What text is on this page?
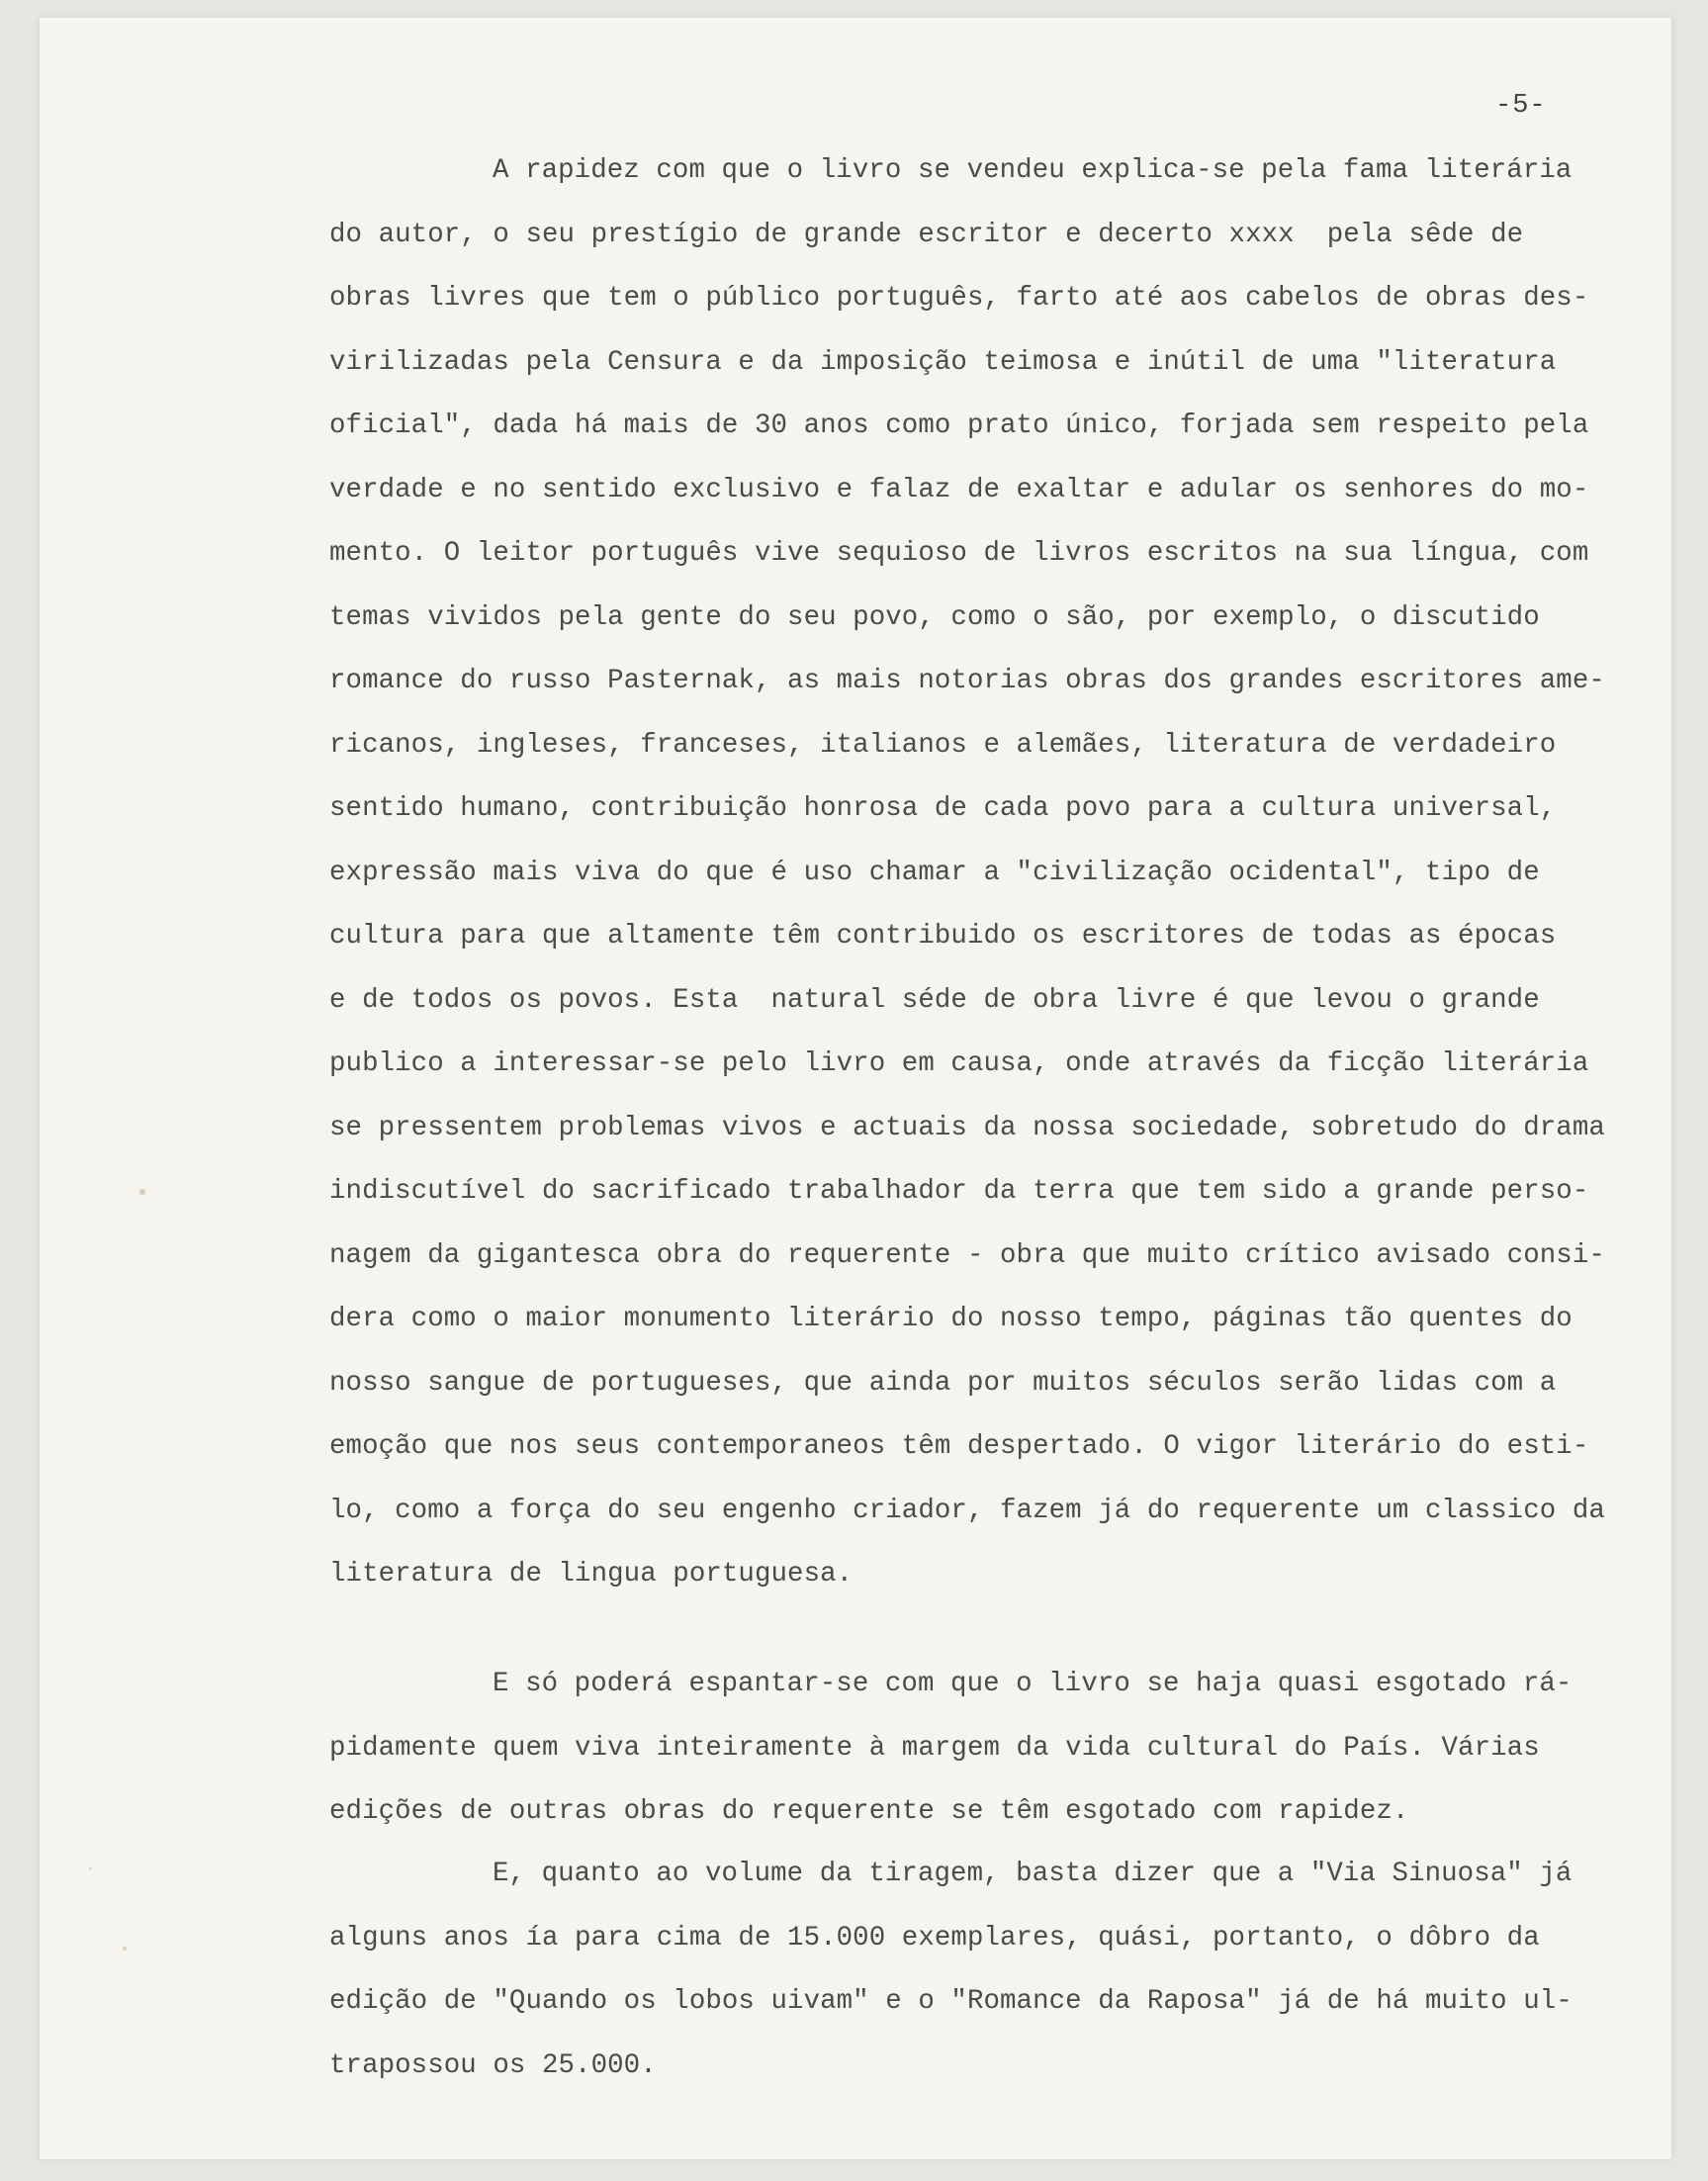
-5-
A rapidez com que o livro se vendeu explica-se pela fama literária
do autor, o seu prestígio de grande escritor e decerto xxxx  pela sêde de
obras livres que tem o público português, farto até aos cabelos de obras des-
virilizadas pela Censura e da imposição teimosa e inútil de uma "literatura
oficial", dada há mais de 30 anos como prato único, forjada sem respeito pela
verdade e no sentido exclusivo e falaz de exaltar e adular os senhores do mo-
mento. O leitor português vive sequioso de livros escritos na sua língua, com
temas vividos pela gente do seu povo, como o são, por exemplo, o discutido
romance do russo Pasternak, as mais notorias obras dos grandes escritores ame-
ricanos, ingleses, franceses, italianos e alemães, literatura de verdadeiro
sentido humano, contribuição honrosa de cada povo para a cultura universal,
expressão mais viva do que é uso chamar a "civilização ocidental", tipo de
cultura para que altamente têm contribuido os escritores de todas as épocas
e de todos os povos. Esta  natural séde de obra livre é que levou o grande
publico a interessar-se pelo livro em causa, onde através da ficção literária
se pressentem problemas vivos e actuais da nossa sociedade, sobretudo do drama
indiscutível do sacrificado trabalhador da terra que tem sido a grande perso-
nagem da gigantesca obra do requerente - obra que muito crítico avisado consi-
dera como o maior monumento literário do nosso tempo, páginas tão quentes do
nosso sangue de portugueses, que ainda por muitos séculos serão lidas com a
emoção que nos seus contemporaneos têm despertado. O vigor literário do esti-
lo, como a força do seu engenho criador, fazem já do requerente um classico da
literatura de lingua portuguesa.
E só poderá espantar-se com que o livro se haja quasi esgotado rá-
pidamente quem viva inteiramente à margem da vida cultural do País. Várias
edições de outras obras do requerente se têm esgotado com rapidez.
E, quanto ao volume da tiragem, basta dizer que a "Via Sinuosa" já
alguns anos ía para cima de 15.000 exemplares, quási, portanto, o dôbro da
edição de "Quando os lobos uivam" e o "Romance da Raposa" já de há muito ul-
trapossou os 25.000.
